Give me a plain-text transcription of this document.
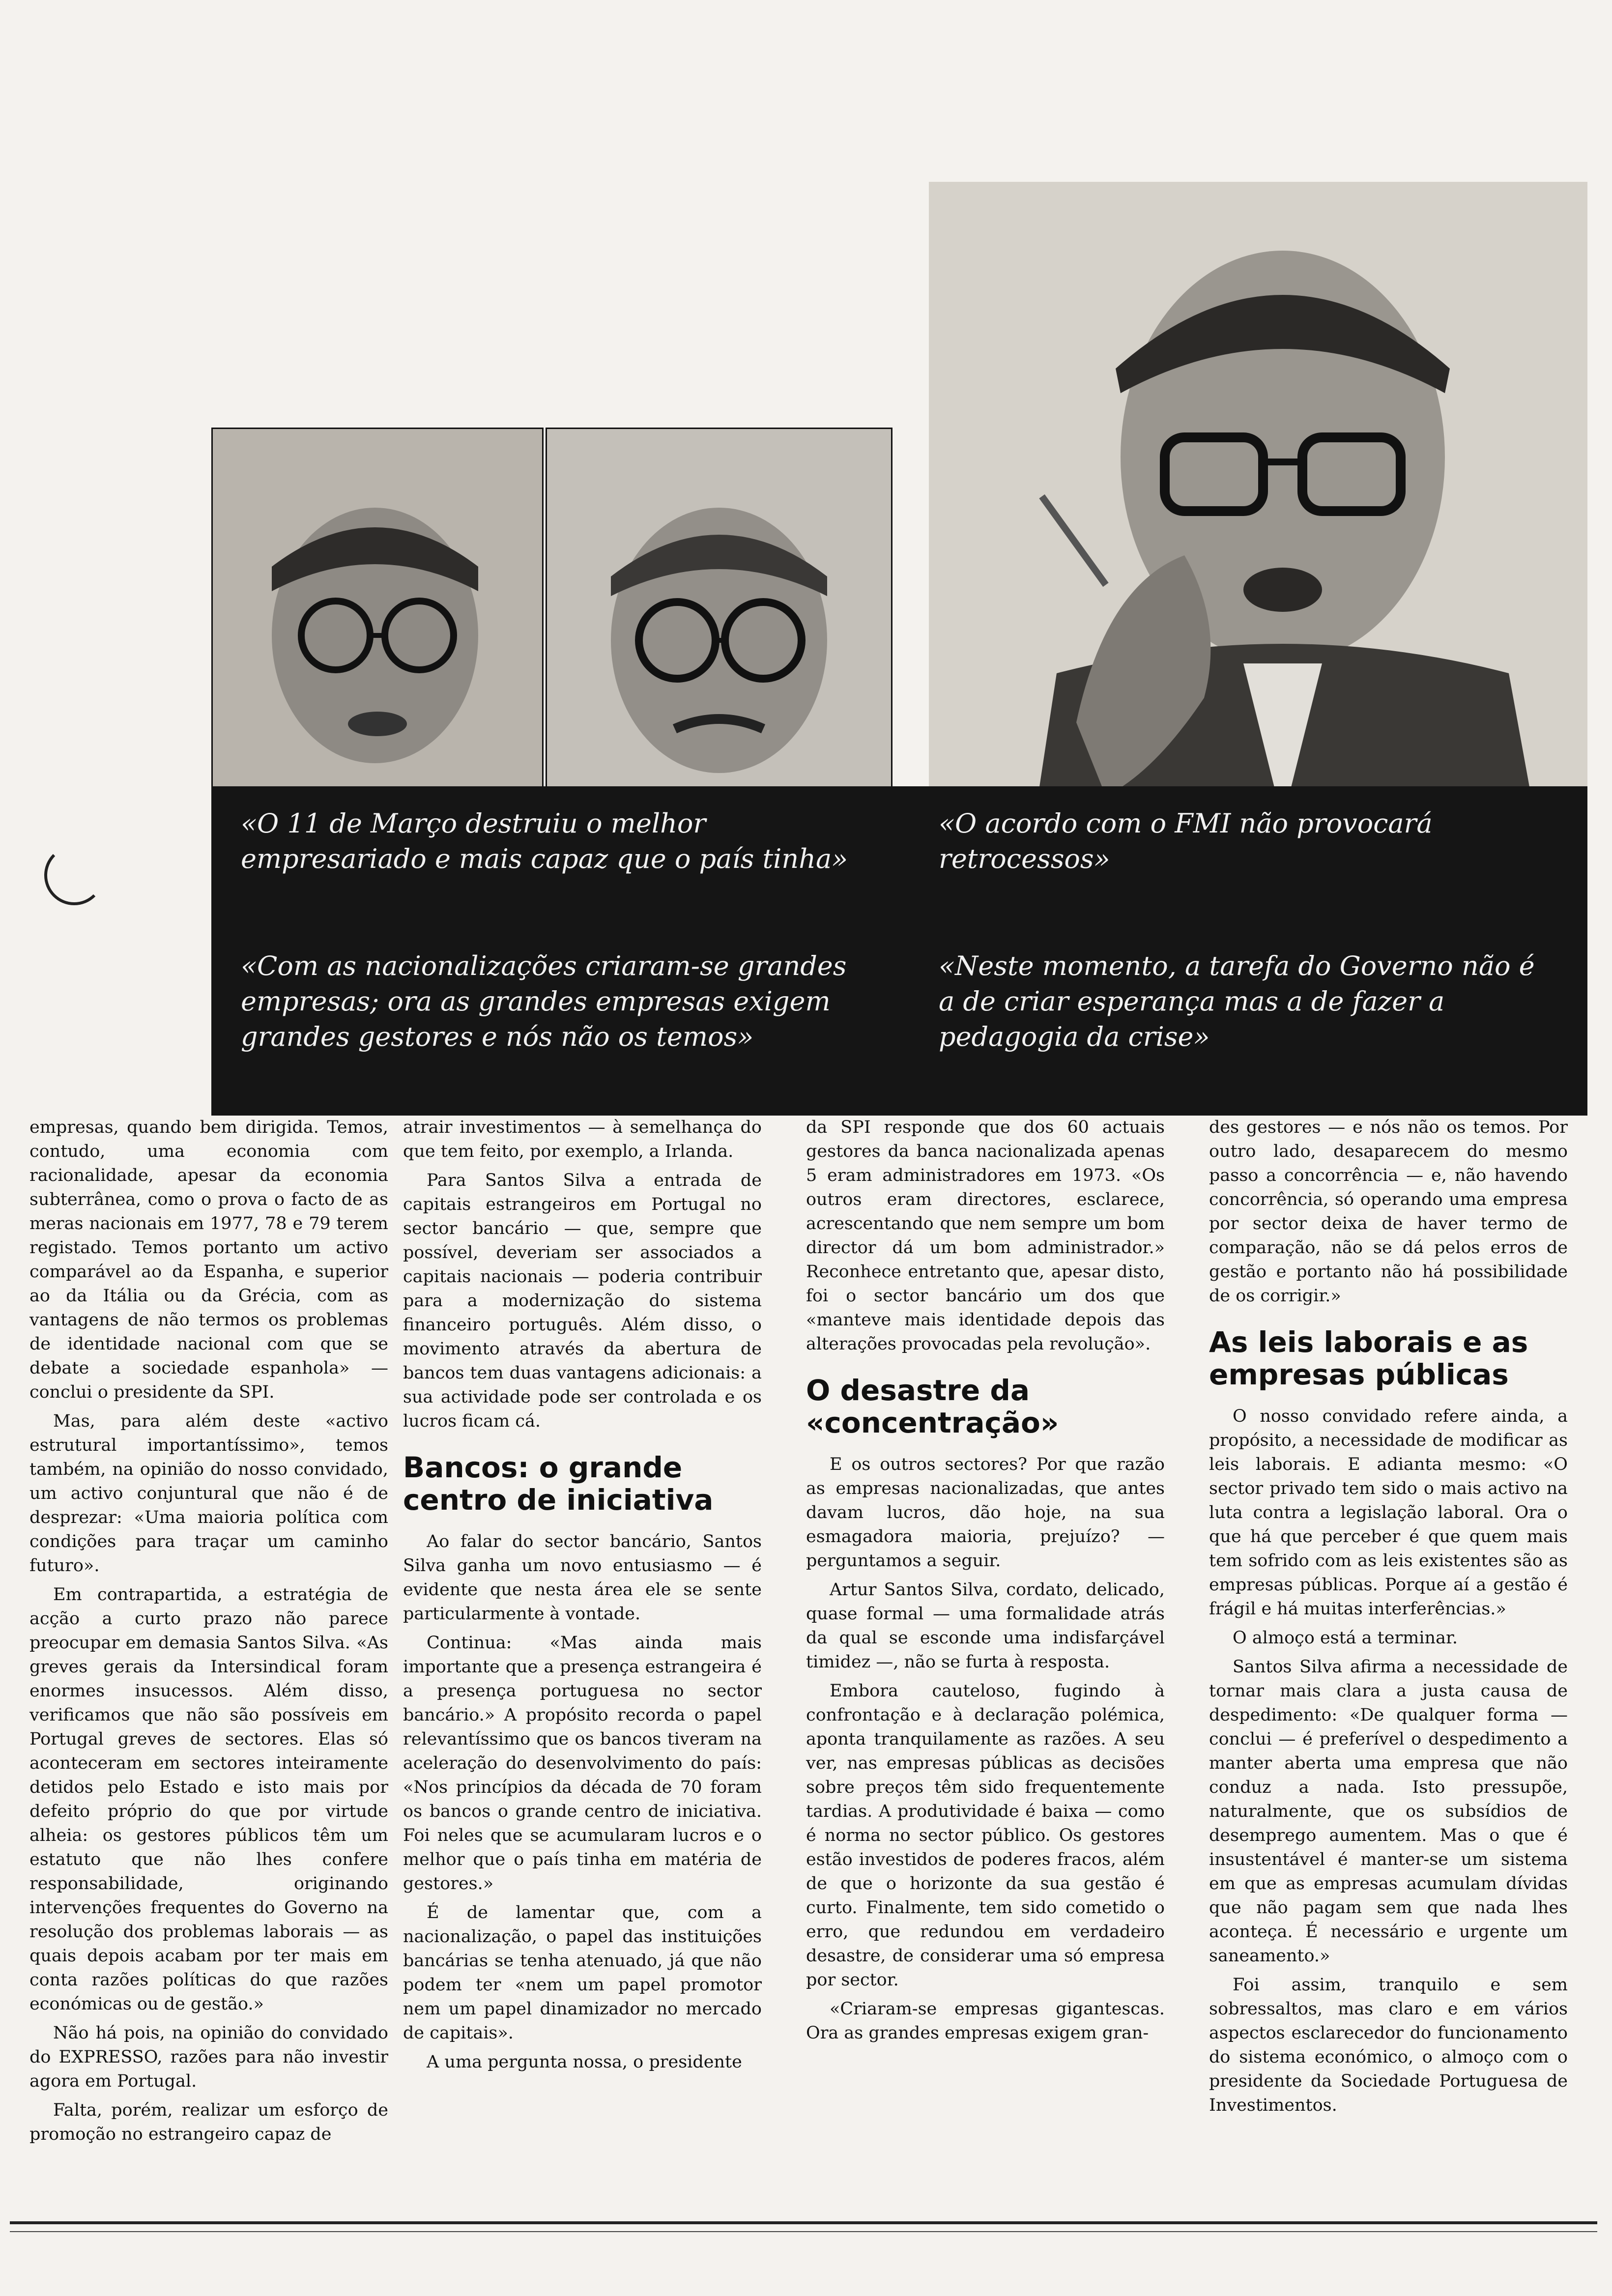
«O 11 de Março destruiu o melhor empresariado e mais capaz que o país tinha»
«Com as nacionalizações criaram-se grandes empresas; ora as grandes empresas exigem grandes gestores e nós não os temos»
«O acordo com o FMI não provocará retrocessos»
«Neste momento, a tarefa do Governo não é a de criar esperança mas a de fazer a pedagogia da crise»

empresas, quando bem dirigida. Temos, contudo, uma economia com racionalidade, apesar da economia subterrânea, como o prova o facto de as meras nacionais em 1977, 78 e 79 terem registado. Temos portanto um activo comparável ao da Espanha, e superior ao da Itália ou da Grécia, com as vantagens de não termos os problemas de identidade nacional com que se debate a sociedade espanhola» — conclui o presidente da SPI.

Mas, para além deste «activo estrutural importantíssimo», temos também, na opinião do nosso convidado, um activo conjuntural que não é de desprezar: «Uma maioria política com condições para traçar um caminho futuro».

Em contrapartida, a estratégia de acção a curto prazo não parece preocupar em demasia Santos Silva. «As greves gerais da Intersindical foram enormes insucessos. Além disso, verificamos que não são possíveis em Portugal greves de sectores. Elas só aconteceram em sectores inteiramente detidos pelo Estado e isto mais por defeito próprio do que por virtude alheia: os gestores públicos têm um estatuto que não lhes confere responsabilidade, originando intervenções frequentes do Governo na resolução dos problemas laborais — as quais depois acabam por ter mais em conta razões políticas do que razões económicas ou de gestão.»

Não há pois, na opinião do convidado do EXPRESSO, razões para não investir agora em Portugal.

Falta, porém, realizar um esforço de promoção no estrangeiro capaz de

atrair investimentos — à semelhança do que tem feito, por exemplo, a Irlanda.

Para Santos Silva a entrada de capitais estrangeiros em Portugal no sector bancário — que, sempre que possível, deveriam ser associados a capitais nacionais — poderia contribuir para a modernização do sistema financeiro português. Além disso, o movimento através da abertura de bancos tem duas vantagens adicionais: a sua actividade pode ser controlada e os lucros ficam cá.

Bancos: o grande centro de iniciativa

Ao falar do sector bancário, Santos Silva ganha um novo entusiasmo — é evidente que nesta área ele se sente particularmente à vontade.

Continua: «Mas ainda mais importante que a presença estrangeira é a presença portuguesa no sector bancário.» A propósito recorda o papel relevantíssimo que os bancos tiveram na aceleração do desenvolvimento do país: «Nos princípios da década de 70 foram os bancos o grande centro de iniciativa. Foi neles que se acumularam lucros e o melhor que o país tinha em matéria de gestores.»

É de lamentar que, com a nacionalização, o papel das instituições bancárias se tenha atenuado, já que não podem ter «nem um papel promotor nem um papel dinamizador no mercado de capitais».

A uma pergunta nossa, o presidente

da SPI responde que dos 60 actuais gestores da banca nacionalizada apenas 5 eram administradores em 1973. «Os outros eram directores, esclarece, acrescentando que nem sempre um bom director dá um bom administrador.» Reconhece entretanto que, apesar disto, foi o sector bancário um dos que «manteve mais identidade depois das alterações provocadas pela revolução».

O desastre da «concentração»

E os outros sectores? Por que razão as empresas nacionalizadas, que antes davam lucros, dão hoje, na sua esmagadora maioria, prejuízo? — perguntamos a seguir.

Artur Santos Silva, cordato, delicado, quase formal — uma formalidade atrás da qual se esconde uma indisfarçável timidez —, não se furta à resposta.

Embora cauteloso, fugindo à confrontação e à declaração polémica, aponta tranquilamente as razões. A seu ver, nas empresas públicas as decisões sobre preços têm sido frequentemente tardias. A produtividade é baixa — como é norma no sector público. Os gestores estão investidos de poderes fracos, além de que o horizonte da sua gestão é curto. Finalmente, tem sido cometido o erro, que redundou em verdadeiro desastre, de considerar uma só empresa por sector.

«Criaram-se empresas gigantescas. Ora as grandes empresas exigem gran-

des gestores — e nós não os temos. Por outro lado, desaparecem do mesmo passo a concorrência — e, não havendo concorrência, só operando uma empresa por sector deixa de haver termo de comparação, não se dá pelos erros de gestão e portanto não há possibilidade de os corrigir.»

As leis laborais e as empresas públicas

O nosso convidado refere ainda, a propósito, a necessidade de modificar as leis laborais. E adianta mesmo: «O sector privado tem sido o mais activo na luta contra a legislação laboral. Ora o que há que perceber é que quem mais tem sofrido com as leis existentes são as empresas públicas. Porque aí a gestão é frágil e há muitas interferências.»

O almoço está a terminar.

Santos Silva afirma a necessidade de tornar mais clara a justa causa de despedimento: «De qualquer forma — conclui — é preferível o despedimento a manter aberta uma empresa que não conduz a nada. Isto pressupõe, naturalmente, que os subsídios de desemprego aumentem. Mas o que é insustentável é manter-se um sistema em que as empresas acumulam dívidas que não pagam sem que nada lhes aconteça. É necessário e urgente um saneamento.»

Foi assim, tranquilo e sem sobressaltos, mas claro e em vários aspectos esclarecedor do funcionamento do sistema económico, o almoço com o presidente da Sociedade Portuguesa de Investimentos.
